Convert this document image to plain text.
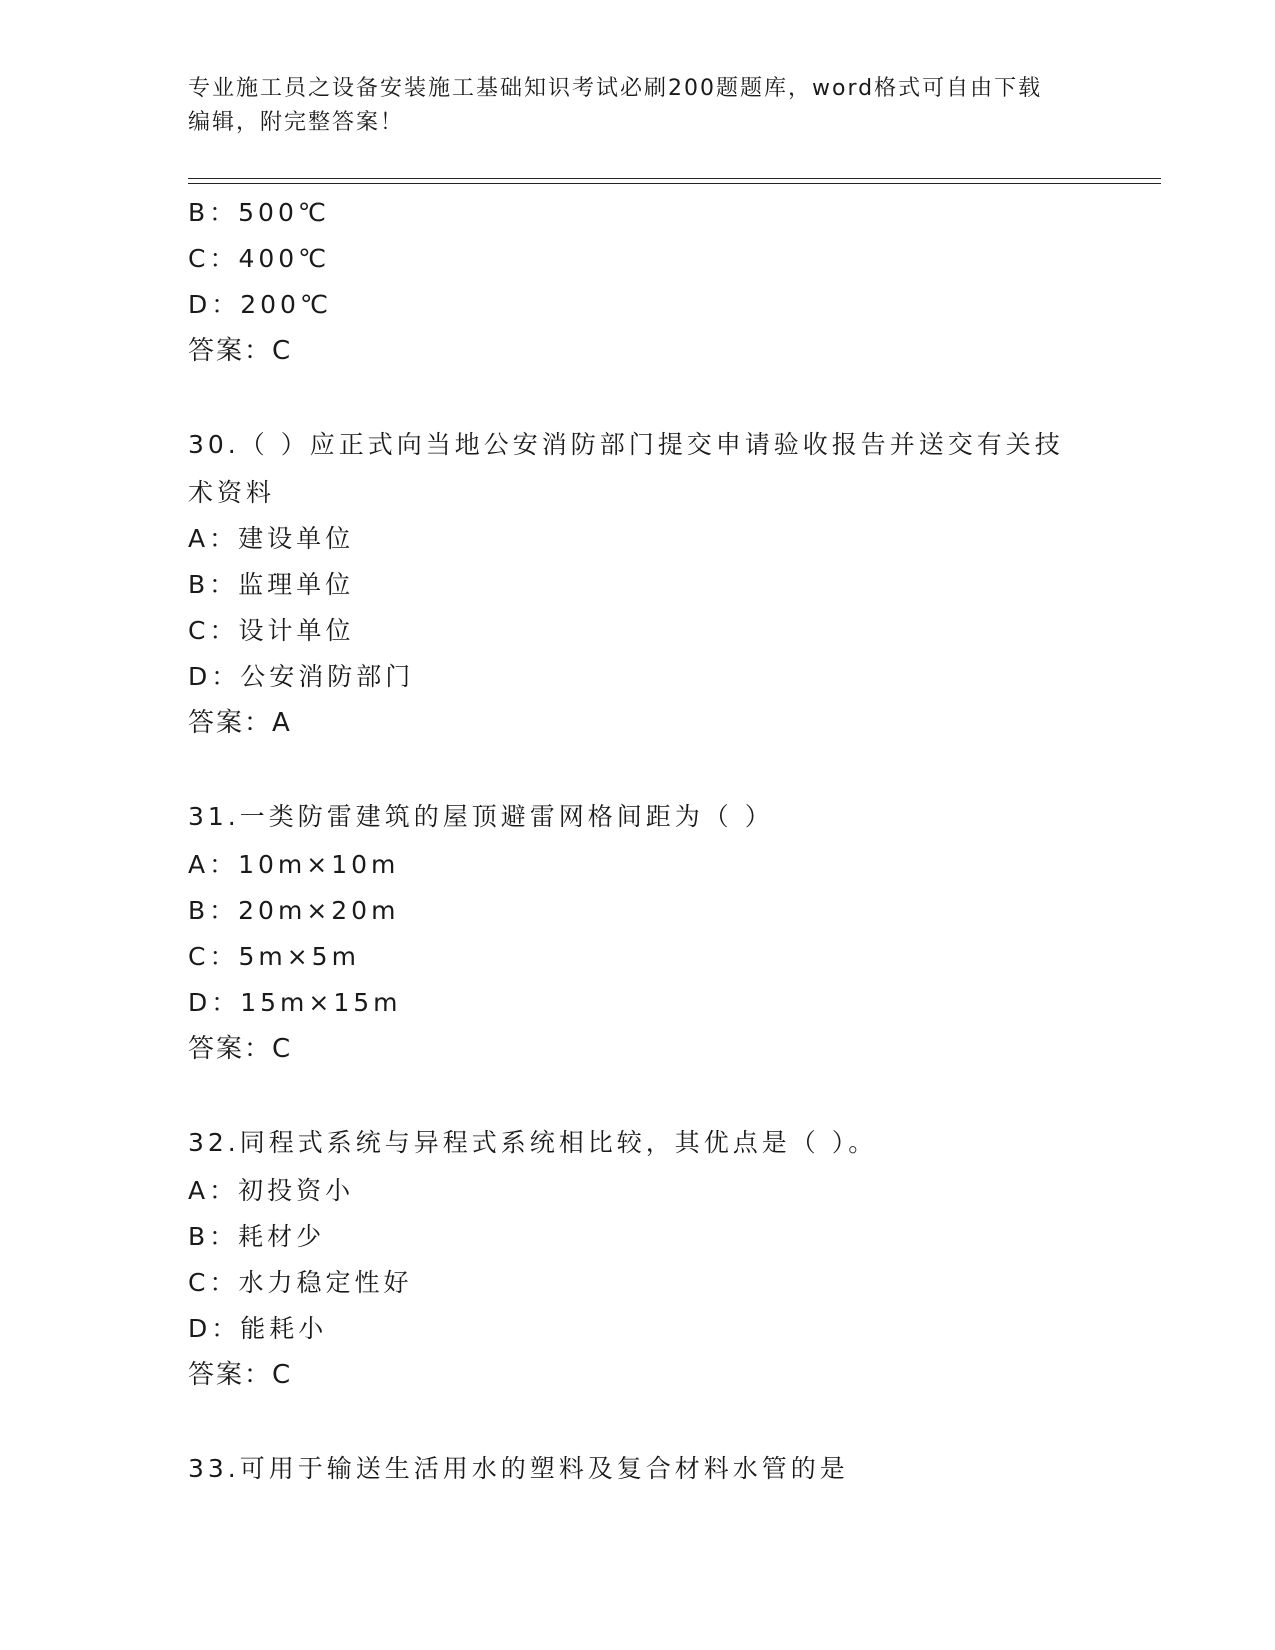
专业施工员之设备安装施工基础知识考试必刷200题题库，word格式可自由下载
编辑，附完整答案！
B：500℃
C：400℃
D：200℃
答案：C
30.（ ）应正式向当地公安消防部门提交申请验收报告并送交有关技
术资料
A：建设单位
B：监理单位
C：设计单位
D：公安消防部门
答案：A
31.一类防雷建筑的屋顶避雷网格间距为（ ）
A：10m×10m
B：20m×20m
C：5m×5m
D：15m×15m
答案：C
32.同程式系统与异程式系统相比较，其优点是（ ）。
A：初投资小
B：耗材少
C：水力稳定性好
D：能耗小
答案：C
33.可用于输送生活用水的塑料及复合材料水管的是
